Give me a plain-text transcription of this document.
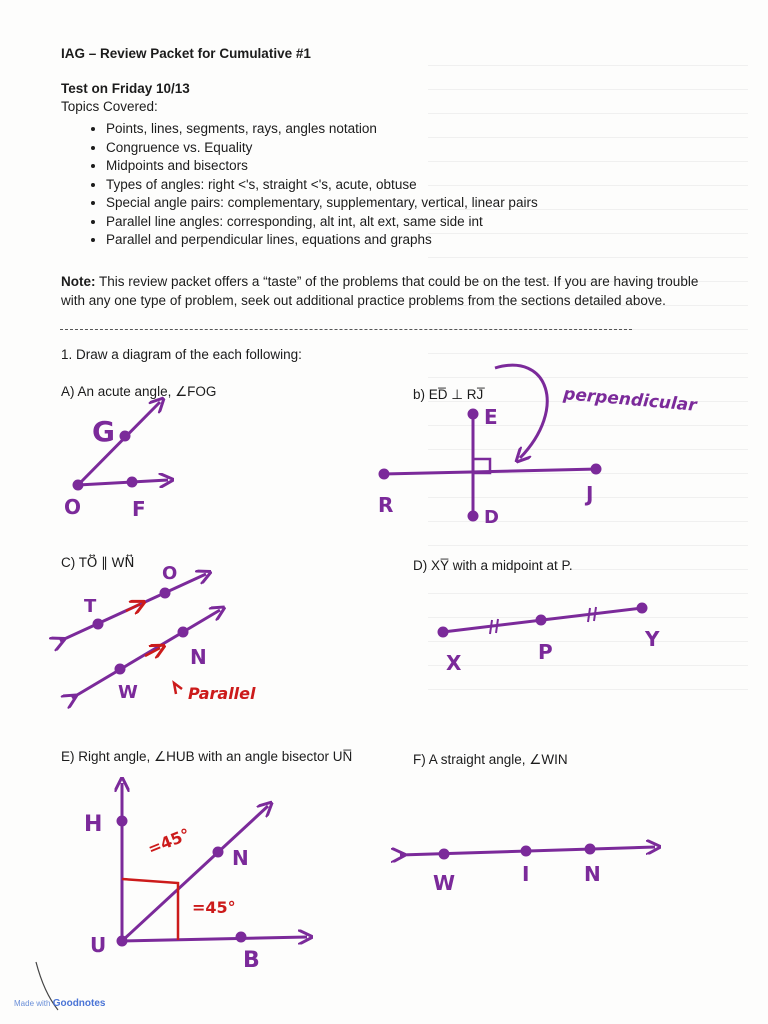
IAG – Review Packet for Cumulative #1
Test on Friday 10/13
Topics Covered:
• Points, lines, segments, rays, angles notation
• Congruence vs. Equality
• Midpoints and bisectors
• Types of angles: right <'s, straight <'s, acute, obtuse
• Special angle pairs: complementary, supplementary, vertical, linear pairs
• Parallel line angles: corresponding, alt int, alt ext, same side int
• Parallel and perpendicular lines, equations and graphs
Note: This review packet offers a “taste” of the problems that could be on the test. If you are having trouble with any one type of problem, seek out additional practice problems from the sections detailed above.
1. Draw a diagram of the each following:
A) An acute angle, ∠FOG	b) ED̅ ⊥ RJ̅
C) TO⃡ ∥ WN⃡	D) XY̅ with a midpoint at P.
E) Right angle, ∠HUB with an angle bisector UN̅	F) A straight angle, ∠WIN
G
O	F
E
R
D
J
perpendicular
T
O
N
W	Parallel
X	P
Y
H
N
U
B
=45°
=45°
W	I	N
Made with Goodnotes
